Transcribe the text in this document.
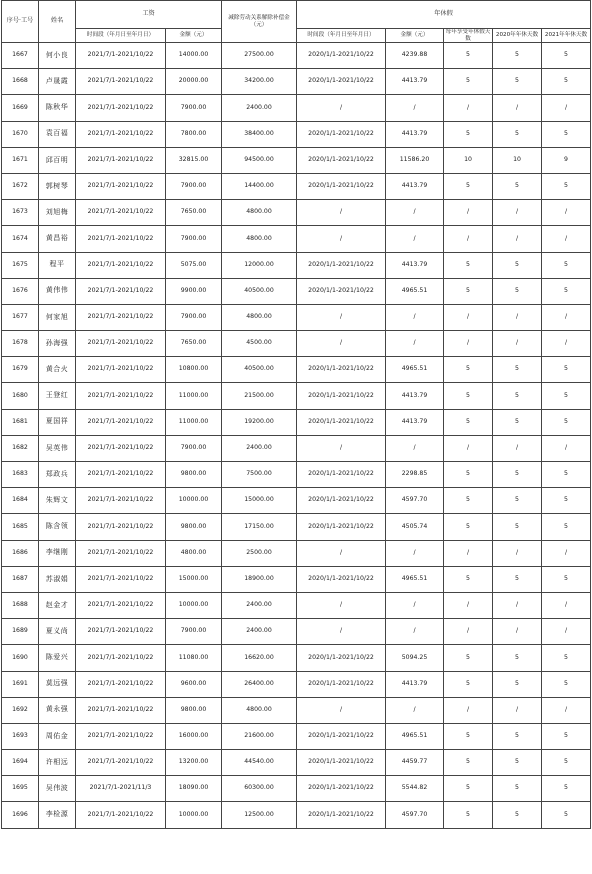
序号·工号	姓名	工资		减除劳动关系解除补偿金（元）	年休假				
		时间段（年月日至年月日）	金额（元）		时间段（年月日至年月日）	金额（元）	每年享受年休假天数	2020年年休天数	2021年年休天数
1667	何小良	2021/7/1-2021/10/22	14000.00	27500.00	2020/1/1-2021/10/22	4239.88	5	5	5
1668	卢晟霞	2021/7/1-2021/10/22	20000.00	34200.00	2020/1/1-2021/10/22	4413.79	5	5	5
1669	陈秋华	2021/7/1-2021/10/22	7900.00	2400.00	/	/	/	/	/
1670	袁百福	2021/7/1-2021/10/22	7800.00	38400.00	2020/1/1-2021/10/22	4413.79	5	5	5
1671	邱百明	2021/7/1-2021/10/22	32815.00	94500.00	2020/1/1-2021/10/22	11586.20	10	10	9
1672	郭树琴	2021/7/1-2021/10/22	7900.00	14400.00	2020/1/1-2021/10/22	4413.79	5	5	5
1673	刘旭梅	2021/7/1-2021/10/22	7650.00	4800.00	/	/	/	/	/
1674	黄昌裕	2021/7/1-2021/10/22	7900.00	4800.00	/	/	/	/	/
1675	程平	2021/7/1-2021/10/22	5075.00	12000.00	2020/1/1-2021/10/22	4413.79	5	5	5
1676	黄伟伟	2021/7/1-2021/10/22	9900.00	40500.00	2020/1/1-2021/10/22	4965.51	5	5	5
1677	何家旭	2021/7/1-2021/10/22	7900.00	4800.00	/	/	/	/	/
1678	孙海强	2021/7/1-2021/10/22	7650.00	4500.00	/	/	/	/	/
1679	黄合火	2021/7/1-2021/10/22	10800.00	40500.00	2020/1/1-2021/10/22	4965.51	5	5	5
1680	王登红	2021/7/1-2021/10/22	11000.00	21500.00	2020/1/1-2021/10/22	4413.79	5	5	5
1681	夏国祥	2021/7/1-2021/10/22	11000.00	19200.00	2020/1/1-2021/10/22	4413.79	5	5	5
1682	吴英伟	2021/7/1-2021/10/22	7900.00	2400.00	/	/	/	/	/
1683	郑政兵	2021/7/1-2021/10/22	9800.00	7500.00	2020/1/1-2021/10/22	2298.85	5	5	5
1684	朱辉文	2021/7/1-2021/10/22	10000.00	15000.00	2020/1/1-2021/10/22	4597.70	5	5	5
1685	陈含领	2021/7/1-2021/10/22	9800.00	17150.00	2020/1/1-2021/10/22	4505.74	5	5	5
1686	李继刚	2021/7/1-2021/10/22	4800.00	2500.00	/	/	/	/	/
1687	苏淑娟	2021/7/1-2021/10/22	15000.00	18900.00	2020/1/1-2021/10/22	4965.51	5	5	5
1688	赵金才	2021/7/1-2021/10/22	10000.00	2400.00	/	/	/	/	/
1689	夏义尚	2021/7/1-2021/10/22	7900.00	2400.00	/	/	/	/	/
1690	陈爱兴	2021/7/1-2021/10/22	11080.00	16620.00	2020/1/1-2021/10/22	5094.25	5	5	5
1691	莫远强	2021/7/1-2021/10/22	9600.00	26400.00	2020/1/1-2021/10/22	4413.79	5	5	5
1692	黄永强	2021/7/1-2021/10/22	9800.00	4800.00	/	/	/	/	/
1693	周佑金	2021/7/1-2021/10/22	16000.00	21600.00	2020/1/1-2021/10/22	4965.51	5	5	5
1694	许相远	2021/7/1-2021/10/22	13200.00	44540.00	2020/1/1-2021/10/22	4459.77	5	5	5
1695	吴伟波	2021/7/1-2021/11/3	18090.00	60300.00	2020/1/1-2021/10/22	5544.82	5	5	5
1696	李检源	2021/7/1-2021/10/22	10000.00	12500.00	2020/1/1-2021/10/22	4597.70	5	5	5
